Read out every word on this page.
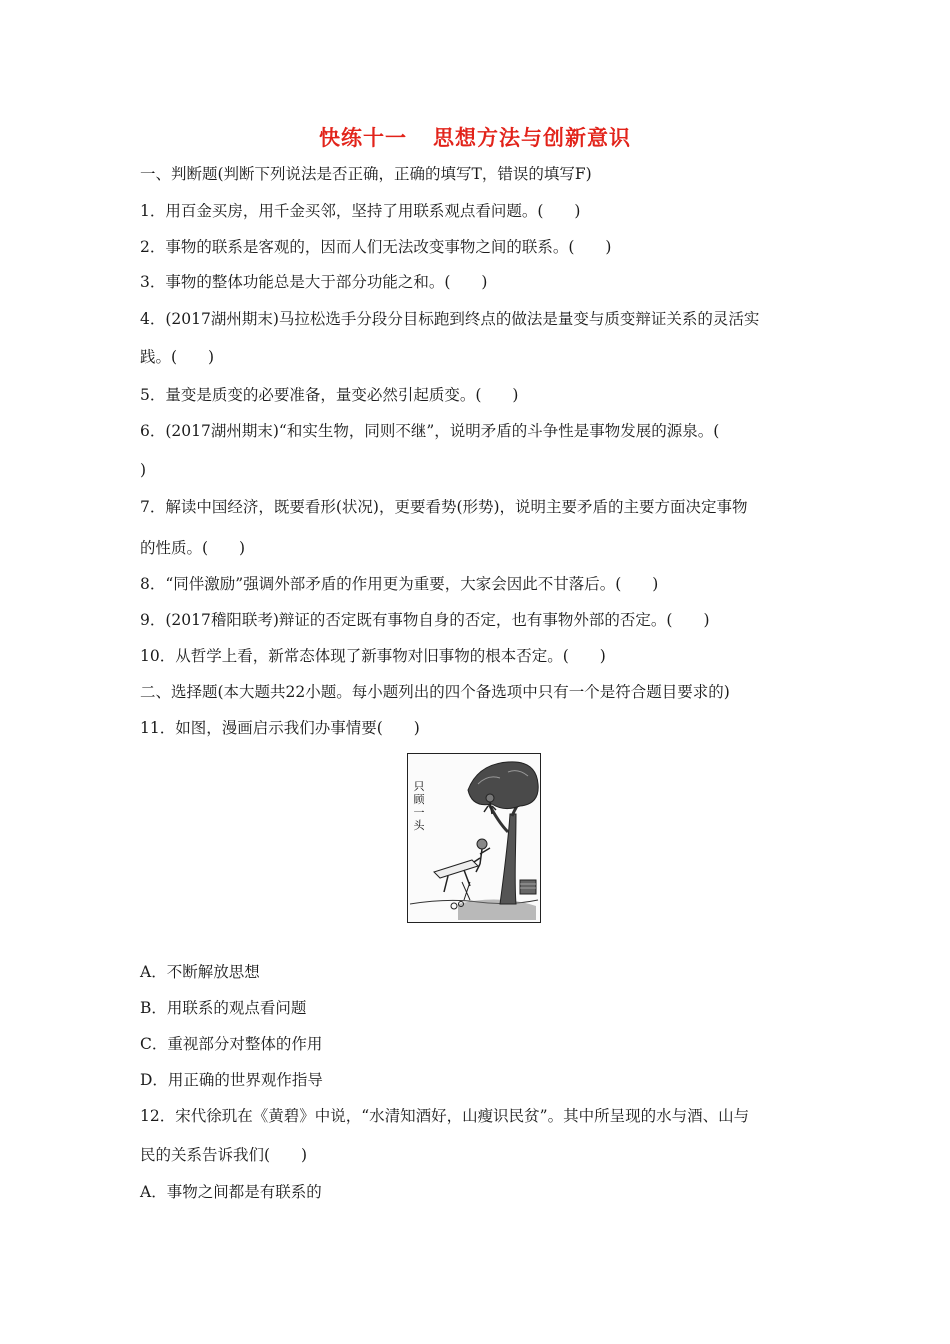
快练十一 思想方法与创新意识
一、判断题(判断下列说法是否正确，正确的填写T，错误的填写F)
1．用百金买房，用千金买邻，坚持了用联系观点看问题。(　　)
2．事物的联系是客观的，因而人们无法改变事物之间的联系。(　　)
3．事物的整体功能总是大于部分功能之和。(　　)
4．(2017湖州期末)马拉松选手分段分目标跑到终点的做法是量变与质变辩证关系的灵活实
践。(　　)
5．量变是质变的必要准备，量变必然引起质变。(　　)
6．(2017湖州期末)“和实生物，同则不继”，说明矛盾的斗争性是事物发展的源泉。(
)
7．解读中国经济，既要看形(状况)，更要看势(形势)，说明主要矛盾的主要方面决定事物
的性质。(　　)
8．“同伴激励”强调外部矛盾的作用更为重要，大家会因此不甘落后。(　　)
9．(2017稽阳联考)辩证的否定既有事物自身的否定，也有事物外部的否定。(　　)
10．从哲学上看，新常态体现了新事物对旧事物的根本否定。(　　)
二、选择题(本大题共22小题。每小题列出的四个备选项中只有一个是符合题目要求的)
11．如图，漫画启示我们办事情要(　　)
只
顾
一
头
A．不断解放思想
B．用联系的观点看问题
C．重视部分对整体的作用
D．用正确的世界观作指导
12．宋代徐玑在《黄碧》中说，“水清知酒好，山瘦识民贫”。其中所呈现的水与酒、山与
民的关系告诉我们(　　)
A．事物之间都是有联系的
